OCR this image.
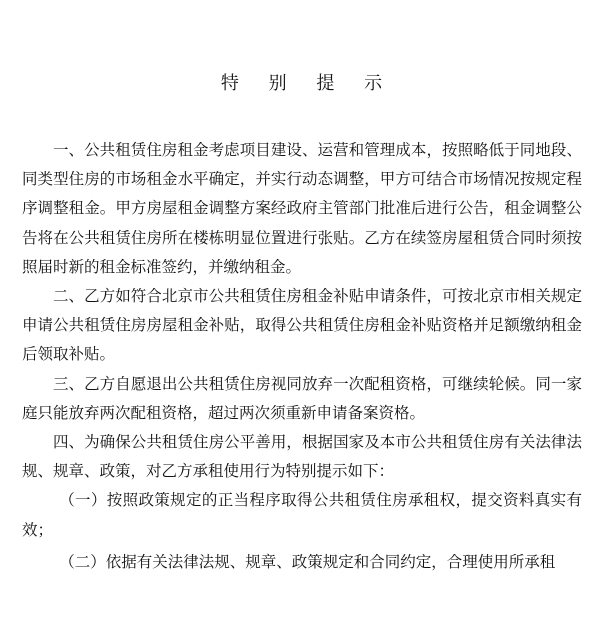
特 别 提 示

一、公共租赁住房租金考虑项目建设、运营和管理成本，按照略低于同地段、同类型住房的市场租金水平确定，并实行动态调整，甲方可结合市场情况按规定程序调整租金。甲方房屋租金调整方案经政府主管部门批准后进行公告，租金调整公告将在公共租赁住房所在楼栋明显位置进行张贴。乙方在续签房屋租赁合同时须按照届时新的租金标准签约，并缴纳租金。

二、乙方如符合北京市公共租赁住房租金补贴申请条件，可按北京市相关规定申请公共租赁住房房屋租金补贴，取得公共租赁住房租金补贴资格并足额缴纳租金后领取补贴。

三、乙方自愿退出公共租赁住房视同放弃一次配租资格，可继续轮候。同一家庭只能放弃两次配租资格，超过两次须重新申请备案资格。

四、为确保公共租赁住房公平善用，根据国家及本市公共租赁住房有关法律法规、规章、政策，对乙方承租使用行为特别提示如下：

（一）按照政策规定的正当程序取得公共租赁住房承租权，提交资料真实有效；

（二）依据有关法律法规、规章、政策规定和合同约定，合理使用所承租
